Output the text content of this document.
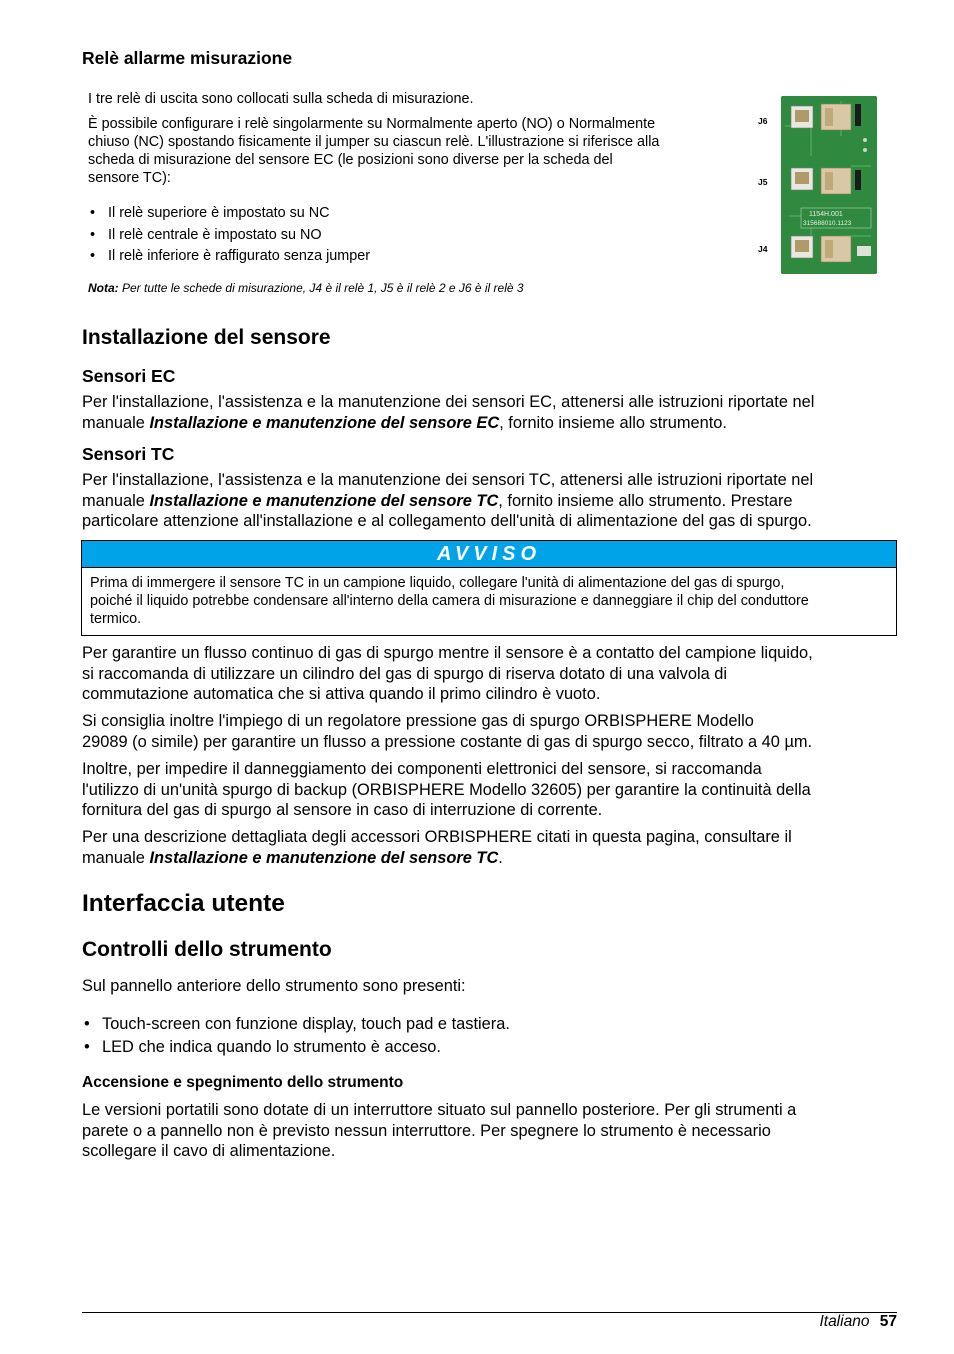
Relè allarme misurazione
I tre relè di uscita sono collocati sulla scheda di misurazione.
È possibile configurare i relè singolarmente su Normalmente aperto (NO) o Normalmente
chiuso (NC) spostando fisicamente il jumper su ciascun relè. L'illustrazione si riferisce alla
scheda di misurazione del sensore EC (le posizioni sono diverse per la scheda del
sensore TC):
• Il relè superiore è impostato su NC
• Il relè centrale è impostato su NO
• Il relè inferiore è raffigurato senza jumper
Nota: Per tutte le schede di misurazione, J4 è il relè 1, J5 è il relè 2 e J6 è il relè 3
J6
J5
J4
1154H.001
315688010.1123
Installazione del sensore
Sensori EC
Per l'installazione, l'assistenza e la manutenzione dei sensori EC, attenersi alle istruzioni riportate nel
manuale Installazione e manutenzione del sensore EC, fornito insieme allo strumento.
Sensori TC
Per l'installazione, l'assistenza e la manutenzione dei sensori TC, attenersi alle istruzioni riportate nel
manuale Installazione e manutenzione del sensore TC, fornito insieme allo strumento. Prestare
particolare attenzione all'installazione e al collegamento dell'unità di alimentazione del gas di spurgo.
AVVISO
Prima di immergere il sensore TC in un campione liquido, collegare l'unità di alimentazione del gas di spurgo,
poiché il liquido potrebbe condensare all'interno della camera di misurazione e danneggiare il chip del conduttore
termico.
Per garantire un flusso continuo di gas di spurgo mentre il sensore è a contatto del campione liquido,
si raccomanda di utilizzare un cilindro del gas di spurgo di riserva dotato di una valvola di
commutazione automatica che si attiva quando il primo cilindro è vuoto.
Si consiglia inoltre l'impiego di un regolatore pressione gas di spurgo ORBISPHERE Modello
29089 (o simile) per garantire un flusso a pressione costante di gas di spurgo secco, filtrato a 40 µm.
Inoltre, per impedire il danneggiamento dei componenti elettronici del sensore, si raccomanda
l'utilizzo di un'unità spurgo di backup (ORBISPHERE Modello 32605) per garantire la continuità della
fornitura del gas di spurgo al sensore in caso di interruzione di corrente.
Per una descrizione dettagliata degli accessori ORBISPHERE citati in questa pagina, consultare il
manuale Installazione e manutenzione del sensore TC.
Interfaccia utente
Controlli dello strumento
Sul pannello anteriore dello strumento sono presenti:
• Touch-screen con funzione display, touch pad e tastiera.
• LED che indica quando lo strumento è acceso.
Accensione e spegnimento dello strumento
Le versioni portatili sono dotate di un interruttore situato sul pannello posteriore. Per gli strumenti a
parete o a pannello non è previsto nessun interruttore. Per spegnere lo strumento è necessario
scollegare il cavo di alimentazione.
Italiano 57
